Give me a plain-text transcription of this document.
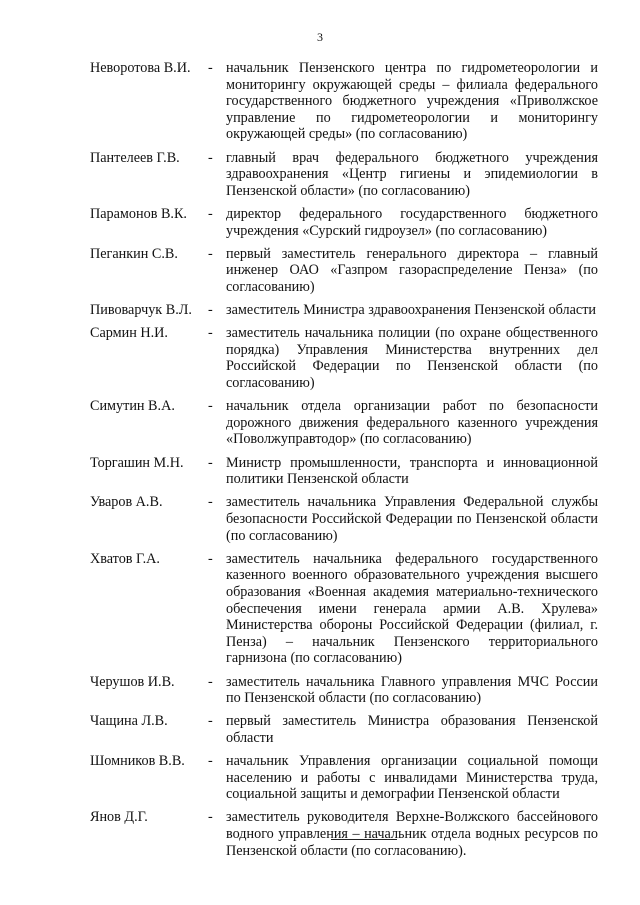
3
Неворотова В.И.	- начальник Пензенского центра по гидрометеорологии и мониторингу окружающей среды – филиала федерального государственного бюджетного учреждения «Приволжское управление по гидрометеорологии и мониторингу окружающей среды» (по согласованию)
Пантелеев Г.В.	- главный врач федерального бюджетного учреждения здравоохранения «Центр гигиены и эпидемиологии в Пензенской области» (по согласованию)
Парамонов В.К.	- директор федерального государственного бюджетного учреждения «Сурский гидроузел» (по согласованию)
Пеганкин С.В.	- первый заместитель генерального директора – главный инженер ОАО «Газпром газораспределение Пенза» (по согласованию)
Пивоварчук В.Л.	- заместитель Министра здравоохранения Пензенской области
Сармин Н.И.	- заместитель начальника полиции (по охране общественного порядка) Управления Министерства внутренних дел Российской Федерации по Пензенской области (по согласованию)
Симутин В.А.	- начальник отдела организации работ по безопасности дорожного движения федерального казенного учреждения «Поволжуправтодор» (по согласованию)
Торгашин М.Н.	- Министр промышленности, транспорта и инновационной политики Пензенской области
Уваров А.В.	- заместитель начальника Управления Федеральной службы безопасности Российской Федерации по Пензенской области (по согласованию)
Хватов Г.А.	- заместитель начальника федерального государственного казенного военного образовательного учреждения высшего образования «Военная академия материально-технического обеспечения имени генерала армии А.В. Хрулева» Министерства обороны Российской Федерации (филиал, г. Пенза) – начальник Пензенского территориального гарнизона (по согласованию)
Черушов И.В.	- заместитель начальника Главного управления МЧС России по Пензенской области (по согласованию)
Чащина Л.В.	- первый заместитель Министра образования Пензенской области
Шомников В.В.	- начальник Управления организации социальной помощи населению и работы с инвалидами Министерства труда, социальной защиты и демографии Пензенской области
Янов Д.Г.	- заместитель руководителя Верхне-Волжского бассейнового водного управления – начальник отдела водных ресурсов по Пензенской области (по согласованию).
